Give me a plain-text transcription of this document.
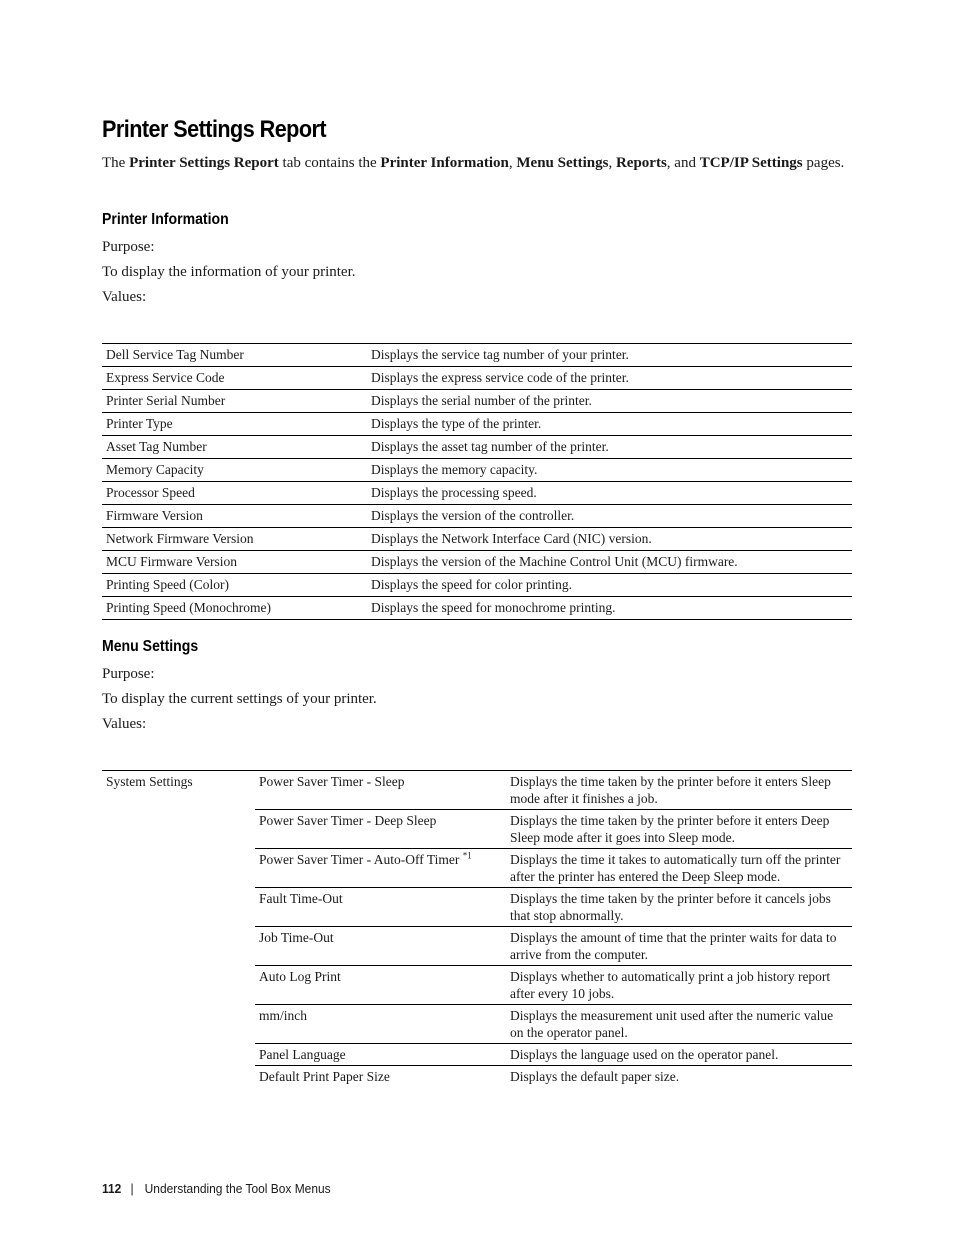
Printer Settings Report
The Printer Settings Report tab contains the Printer Information, Menu Settings, Reports, and TCP/IP Settings pages.
Printer Information
Purpose:
To display the information of your printer.
Values:
Dell Service Tag Number	Displays the service tag number of your printer.
Express Service Code	Displays the express service code of the printer.
Printer Serial Number	Displays the serial number of the printer.
Printer Type	Displays the type of the printer.
Asset Tag Number	Displays the asset tag number of the printer.
Memory Capacity	Displays the memory capacity.
Processor Speed	Displays the processing speed.
Firmware Version	Displays the version of the controller.
Network Firmware Version	Displays the Network Interface Card (NIC) version.
MCU Firmware Version	Displays the version of the Machine Control Unit (MCU) firmware.
Printing Speed (Color)	Displays the speed for color printing.
Printing Speed (Monochrome)	Displays the speed for monochrome printing.
Menu Settings
Purpose:
To display the current settings of your printer.
Values:
System Settings	Power Saver Timer - Sleep	Displays the time taken by the printer before it enters Sleep mode after it finishes a job.
	Power Saver Timer - Deep Sleep	Displays the time taken by the printer before it enters Deep Sleep mode after it goes into Sleep mode.
	Power Saver Timer - Auto-Off Timer $^{*1}$	Displays the time it takes to automatically turn off the printer after the printer has entered the Deep Sleep mode.
	Fault Time-Out	Displays the time taken by the printer before it cancels jobs that stop abnormally.
	Job Time-Out	Displays the amount of time that the printer waits for data to arrive from the computer.
	Auto Log Print	Displays whether to automatically print a job history report after every 10 jobs.
	mm/inch	Displays the measurement unit used after the numeric value on the operator panel.
	Panel Language	Displays the language used on the operator panel.
	Default Print Paper Size	Displays the default paper size.
112 | Understanding the Tool Box Menus
